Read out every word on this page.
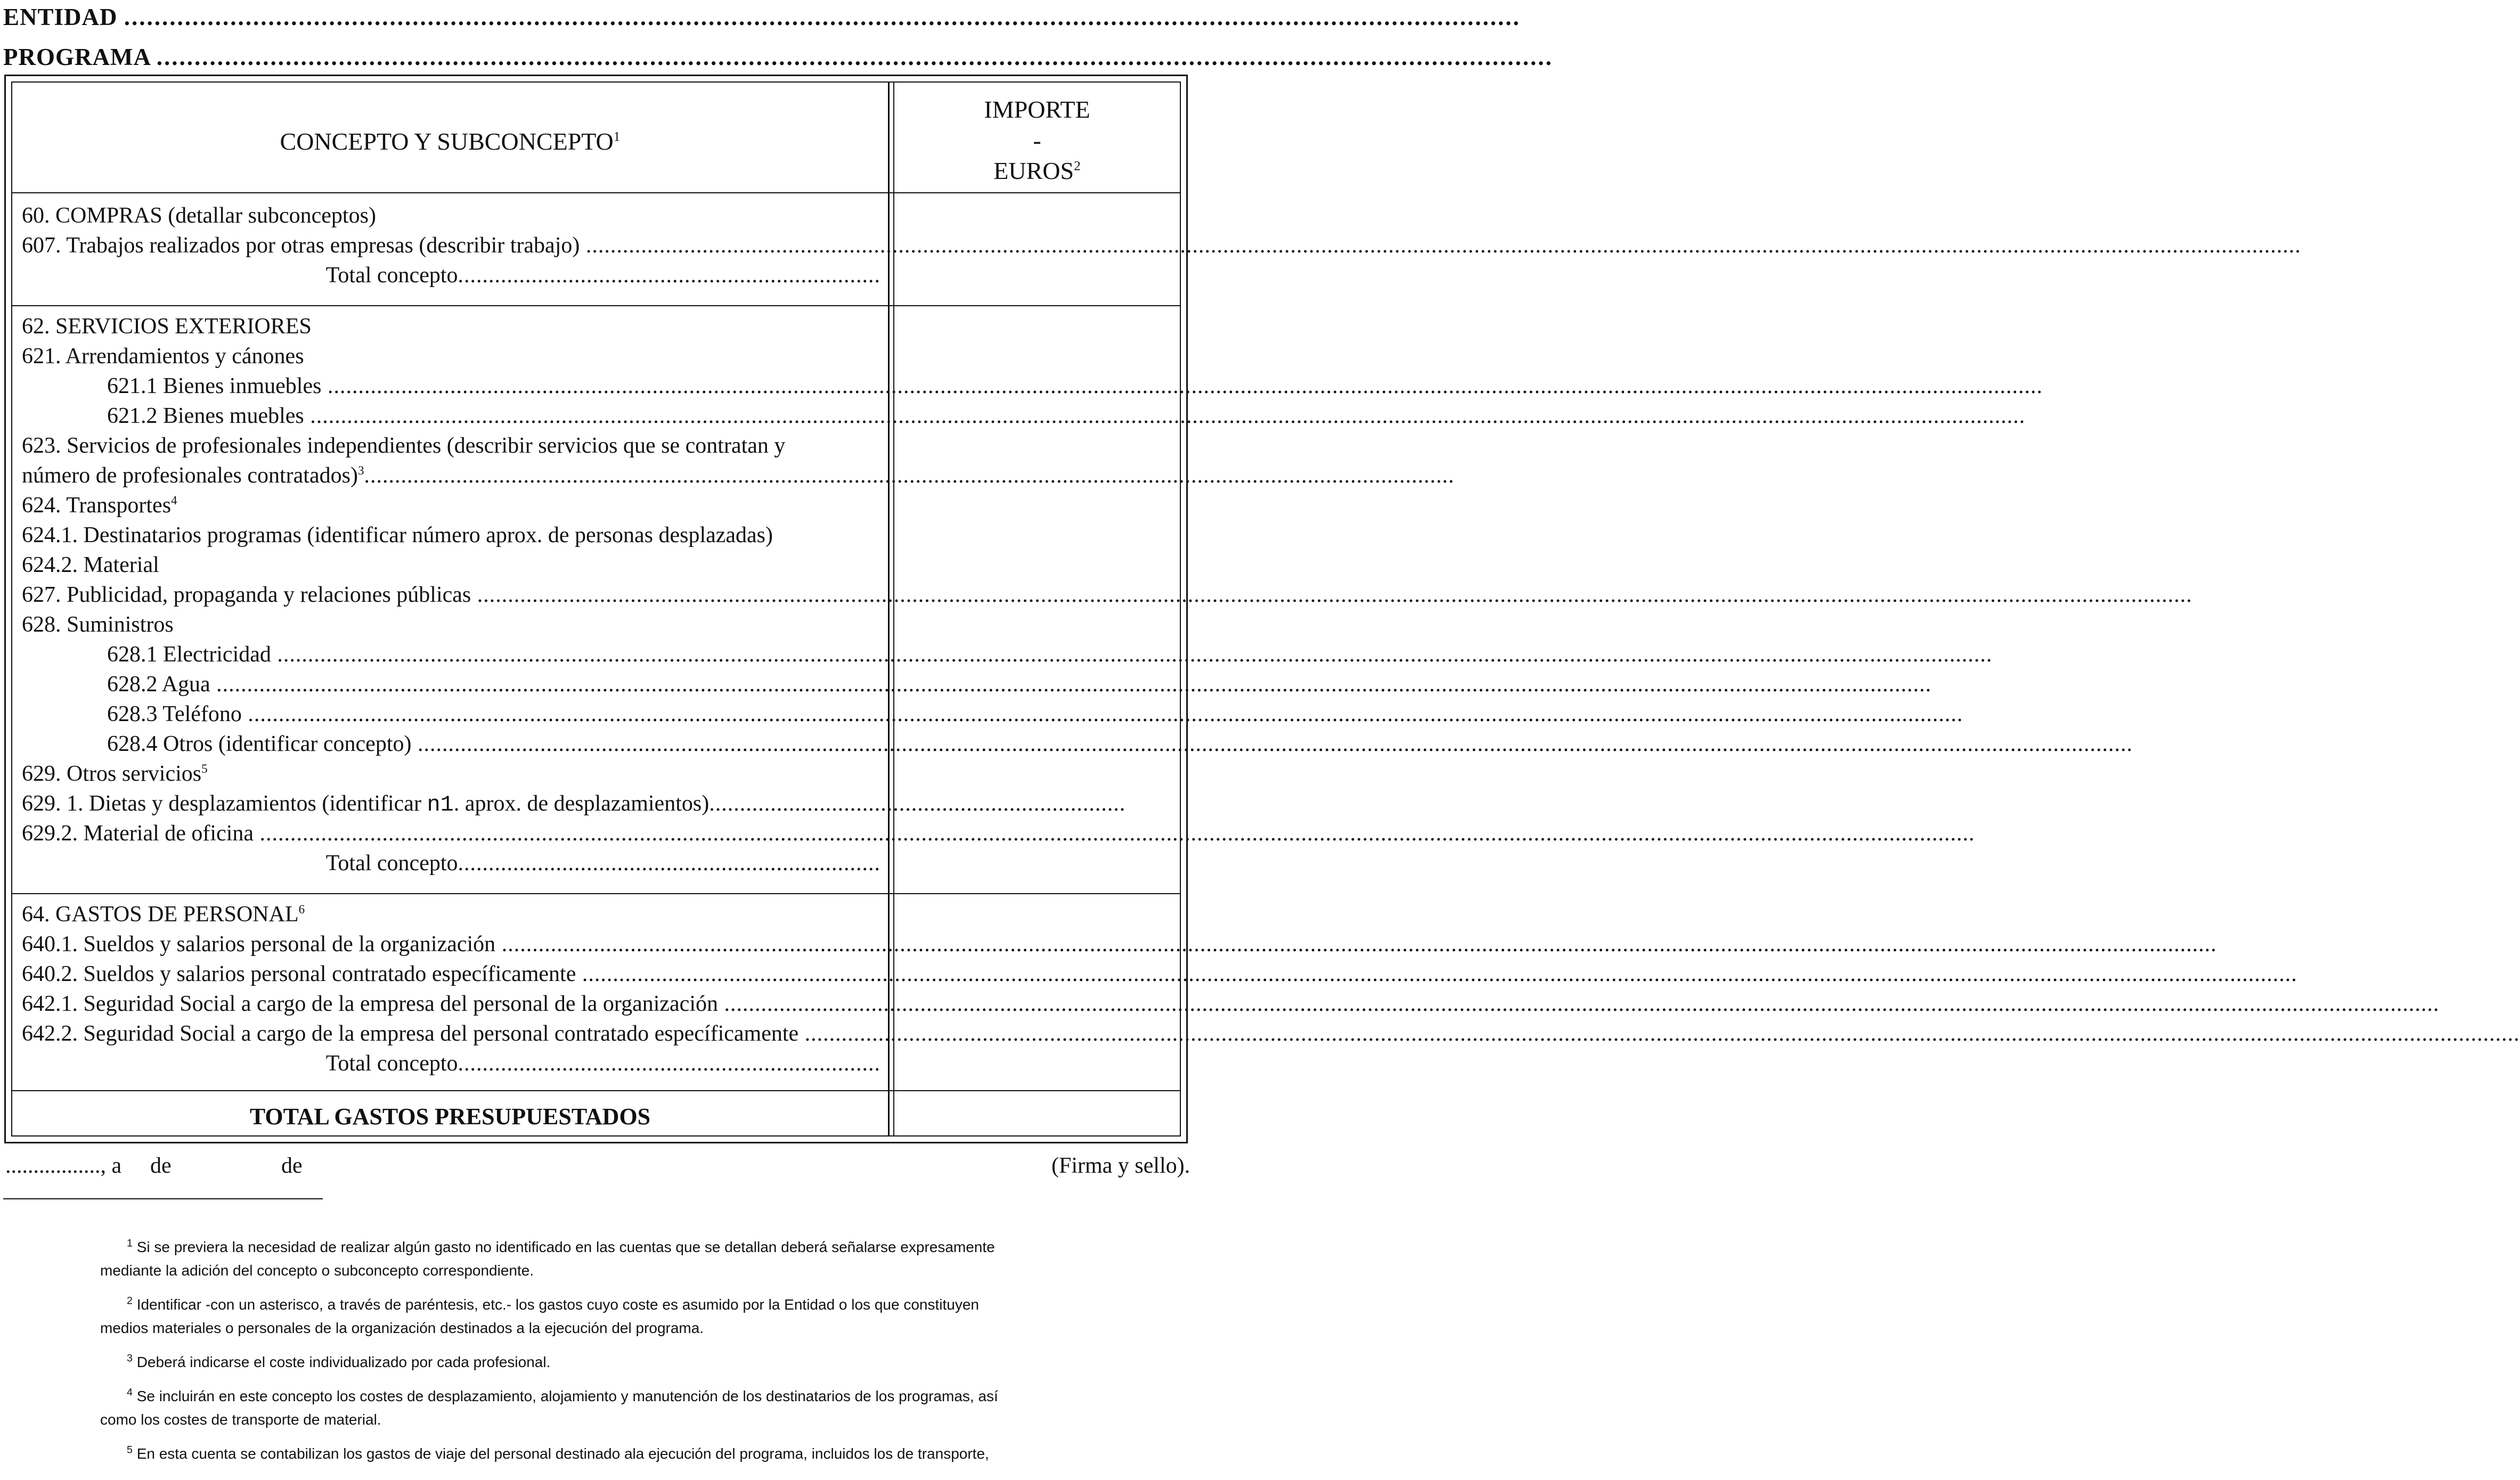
ENTIDAD ........................................................................................................................................................................................
PROGRAMA ........................................................................................................................................................................................
CONCEPTO Y SUBCONCEPTO$^1$
IMPORTE
-
EUROS$^2$
60. COMPRAS (detallar subconceptos)
607. Trabajos realizados por otras empresas (describir trabajo) .....
Total concepto.....................................................................
62. SERVICIOS EXTERIORES
621. Arrendamientos y cánones
621.1 Bienes inmuebles .....
621.2 Bienes muebles .....
623. Servicios de profesionales independientes (describir servicios que se contratan y
número de profesionales contratados)$^3$..................................................................................................................................................................................
624. Transportes$^4$
624.1. Destinatarios programas (identificar número aprox. de personas desplazadas)
624.2. Material
627. Publicidad, propaganda y relaciones públicas .....
628. Suministros
628.1 Electricidad .....
628.2 Agua .....
628.3 Teléfono .....
628.4 Otros (identificar concepto) .....
629. Otros servicios$^5$
629. 1. Dietas y desplazamientos (identificar n1. aprox. de desplazamientos)....................................................................
629.2. Material de oficina .....
Total concepto.....................................................................
64. GASTOS DE PERSONAL$^6$
640.1. Sueldos y salarios personal de la organización .....
640.2. Sueldos y salarios personal contratado específicamente .....
642.1. Seguridad Social a cargo de la empresa del personal de la organización .....
642.2. Seguridad Social a cargo de la empresa del personal contratado específicamente .....
Total concepto.....................................................................
TOTAL GASTOS PRESUPUESTADOS
................., a de	de	(Firma y sello).
$^1$ Si se previera la necesidad de realizar algún gasto no identificado en las cuentas que se detallan deberá señalarse expresamente
mediante la adición del concepto o subconcepto correspondiente.
$^2$ Identificar -con un asterisco, a través de paréntesis, etc.- los gastos cuyo coste es asumido por la Entidad o los que constituyen
medios materiales o personales de la organización destinados a la ejecución del programa.
$^3$ Deberá indicarse el coste individualizado por cada profesional.
$^4$ Se incluirán en este concepto los costes de desplazamiento, alojamiento y manutención de los destinatarios de los programas, así
como los costes de transporte de material.
$^5$ En esta cuenta se contabilizan los gastos de viaje del personal destinado ala ejecución del programa, incluidos los de transporte,
